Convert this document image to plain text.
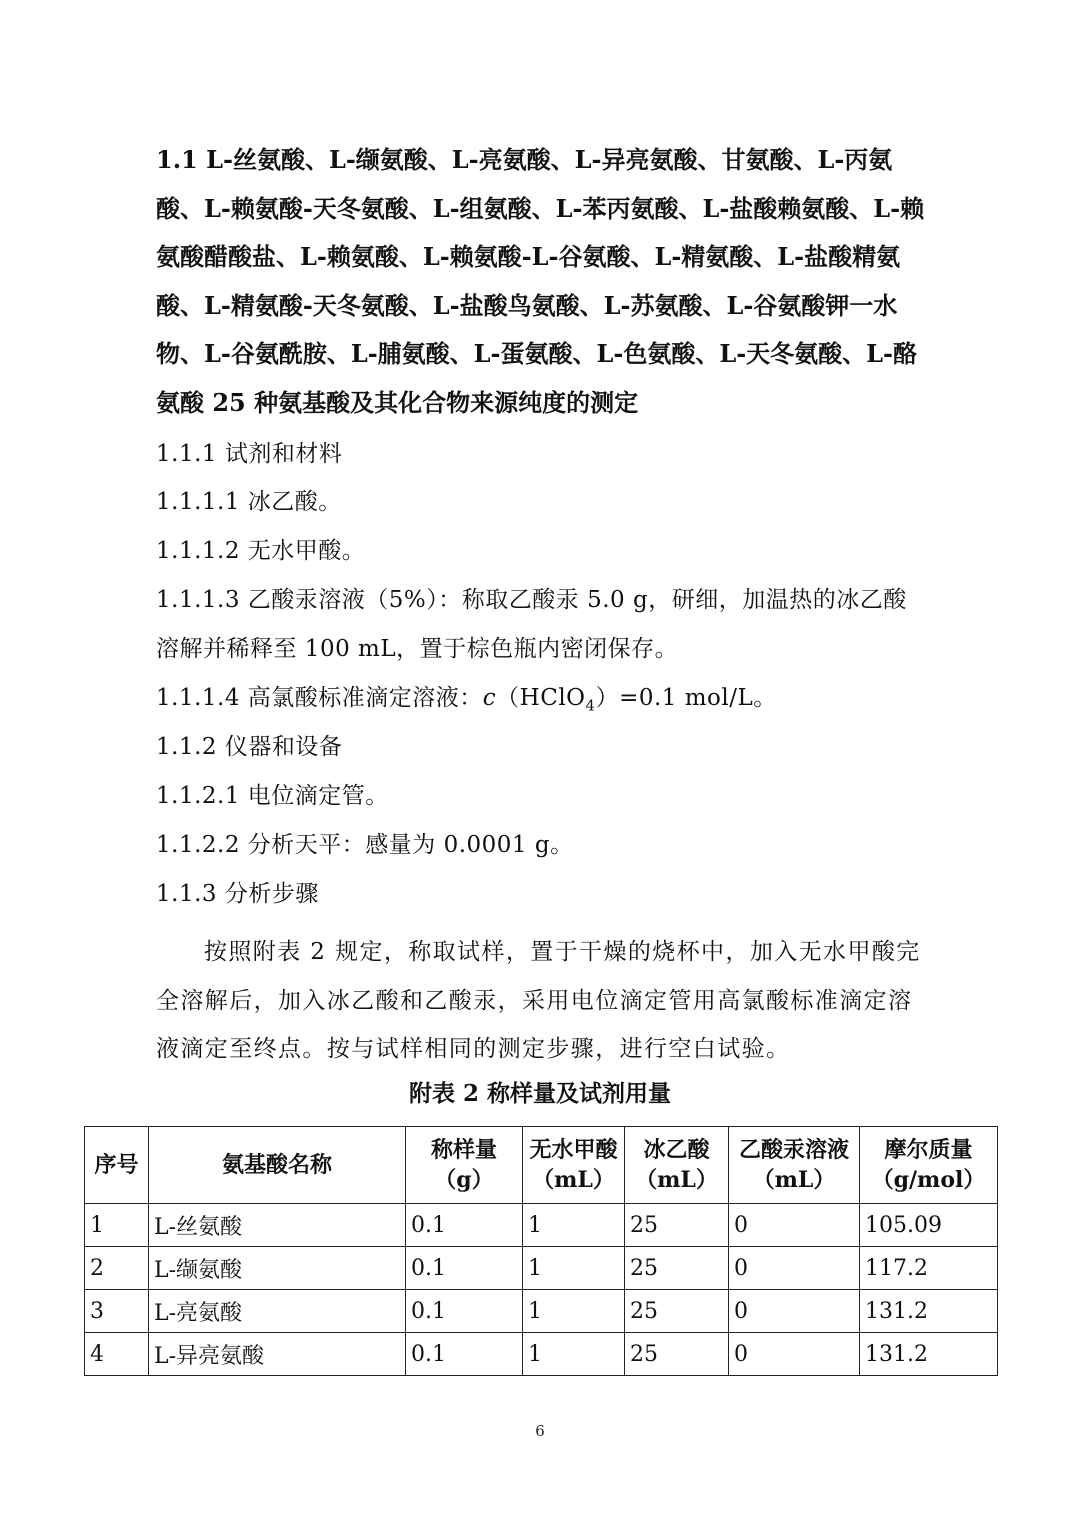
1.1 L-丝氨酸、L-缬氨酸、L-亮氨酸、L-异亮氨酸、甘氨酸、L-丙氨酸、L-赖氨酸-天冬氨酸、L-组氨酸、L-苯丙氨酸、L-盐酸赖氨酸、L-赖氨酸醋酸盐、L-赖氨酸、L-赖氨酸-L-谷氨酸、L-精氨酸、L-盐酸精氨酸、L-精氨酸-天冬氨酸、L-盐酸鸟氨酸、L-苏氨酸、L-谷氨酸钾一水物、L-谷氨酰胺、L-脯氨酸、L-蛋氨酸、L-色氨酸、L-天冬氨酸、L-酪氨酸 25 种氨基酸及其化合物来源纯度的测定
1.1.1 试剂和材料
1.1.1.1 冰乙酸。
1.1.1.2 无水甲酸。
1.1.1.3 乙酸汞溶液（5%）：称取乙酸汞 5.0 g，研细，加温热的冰乙酸
溶解并稀释至 100 mL，置于棕色瓶内密闭保存。
1.1.1.4 高氯酸标准滴定溶液：c（HClO$_4$）=0.1 mol/L。
1.1.2 仪器和设备
1.1.2.1 电位滴定管。
1.1.2.2 分析天平：感量为 0.0001 g。
1.1.3 分析步骤
按照附表 2 规定，称取试样，置于干燥的烧杯中，加入无水甲酸完全溶解后，加入冰乙酸和乙酸汞，采用电位滴定管用高氯酸标准滴定溶液滴定至终点。按与试样相同的测定步骤，进行空白试验。
附表 2 称样量及试剂用量
序号	氨基酸名称	称样量（g）	无水甲酸（mL）	冰乙酸（mL）	乙酸汞溶液（mL）	摩尔质量（g/mol）
1	L-丝氨酸	0.1	1	25	0	105.09
2	L-缬氨酸	0.1	1	25	0	117.2
3	L-亮氨酸	0.1	1	25	0	131.2
4	L-异亮氨酸	0.1	1	25	0	131.2
6
